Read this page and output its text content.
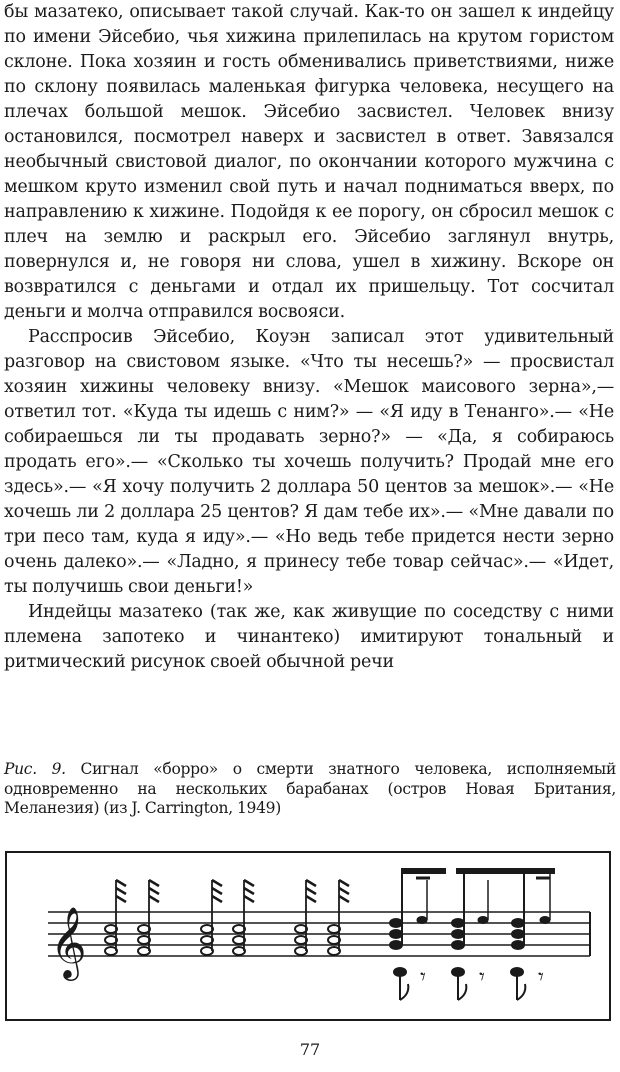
бы мазатеко, описывает такой случай. Как-то он зашел к индейцу по имени Эйсебио, чья хижина прилепилась на крутом гористом склоне. Пока хозяин и гость обменивались приветствиями, ниже по склону появилась маленькая фигурка человека, несущего на плечах большой мешок. Эйсебио засвистел. Человек внизу остановился, посмотрел наверх и засвистел в ответ. Завязался необычный свистовой диалог, по окончании которого мужчина с мешком круто изменил свой путь и начал подниматься вверх, по направлению к хижине. Подойдя к ее порогу, он сбросил мешок с плеч на землю и раскрыл его. Эйсебио заглянул внутрь, повернулся и, не говоря ни слова, ушел в хижину. Вскоре он возвратился с деньгами и отдал их пришельцу. Тот сосчитал деньги и молча отправился восвояси.

Расспросив Эйсебио, Коуэн записал этот удивительный разговор на свистовом языке. «Что ты несешь?» — просвистал хозяин хижины человеку внизу. «Мешок маисового зерна»,— ответил тот. «Куда ты идешь с ним?» — «Я иду в Тенанго».— «Не собираешься ли ты продавать зерно?» — «Да, я собираюсь продать его».— «Сколько ты хочешь получить? Продай мне его здесь».— «Я хочу получить 2 доллара 50 центов за мешок».— «Не хочешь ли 2 доллара 25 центов? Я дам тебе их».— «Мне давали по три песо там, куда я иду».— «Но ведь тебе придется нести зерно очень далеко».— «Ладно, я принесу тебе товар сейчас».— «Идет, ты получишь свои деньги!»

Индейцы мазатеко (так же, как живущие по соседству с ними племена запотеко и чинантеко) имитируют тональный и ритмический рисунок своей обычной речи

Рис. 9. Сигнал «борро» о смерти знатного человека, исполняемый одновременно на нескольких барабанах (остров Новая Британия, Меланезия) (из J. Carrington, 1949)
𝄞	𝄾 𝄾 𝄾
77
